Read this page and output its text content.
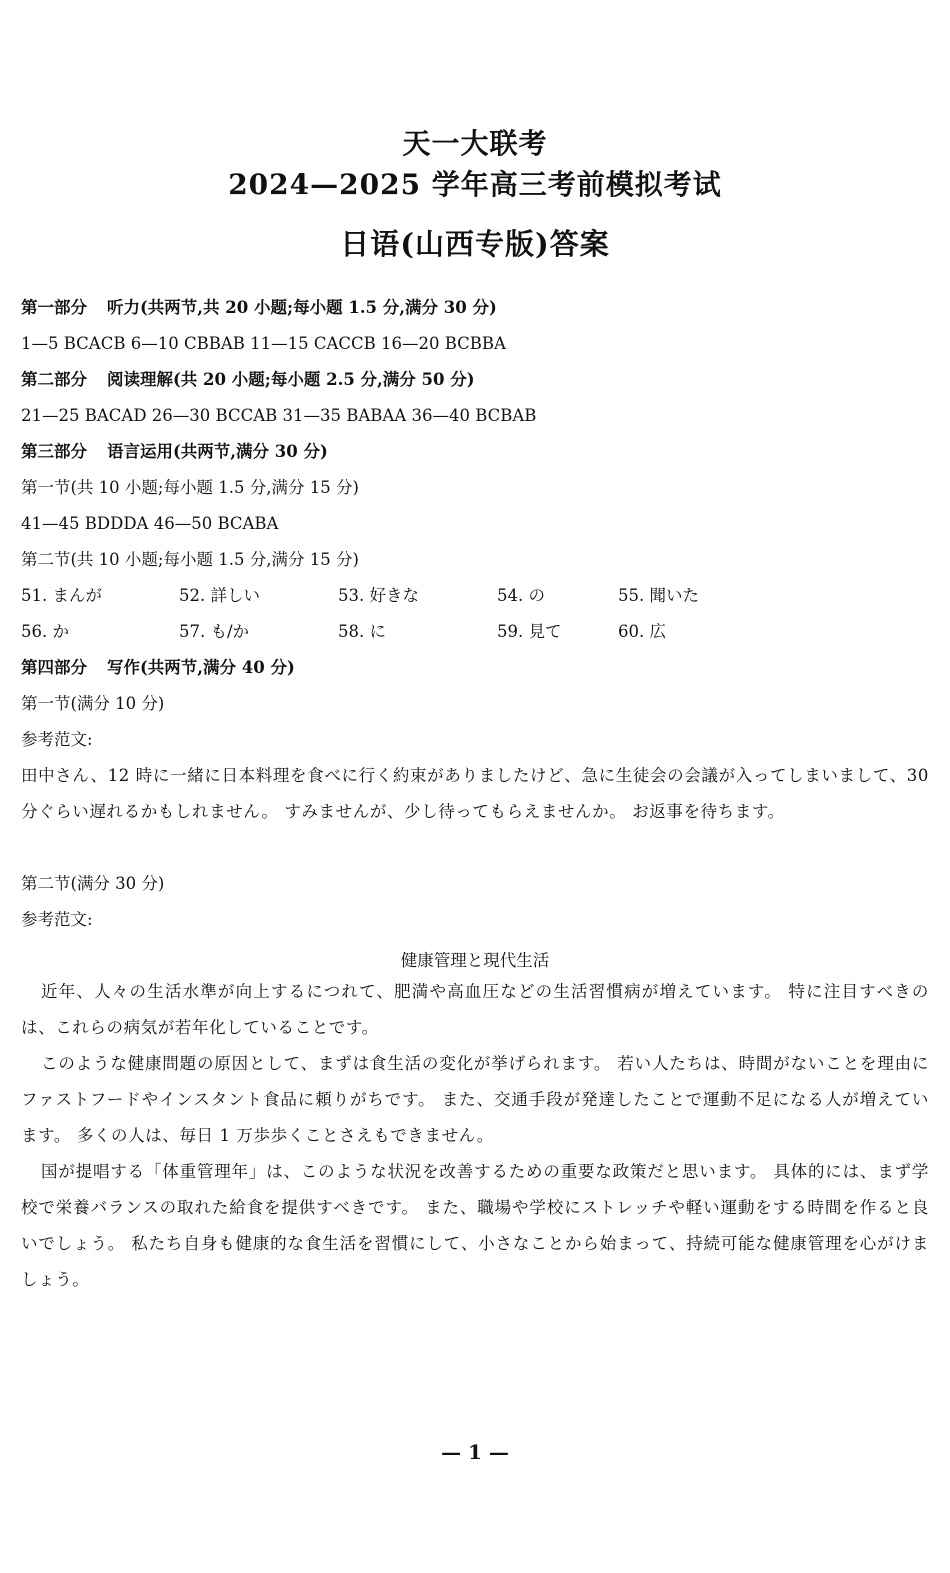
天一大联考
2024—2025 学年高三考前模拟考试
日语(山西专版)答案
第一部分 听力(共两节,共 20 小题;每小题 1.5 分,满分 30 分)
1—5 BCACB 6—10 CBBAB 11—15 CACCB 16—20 BCBBA
第二部分 阅读理解(共 20 小题;每小题 2.5 分,满分 50 分)
21—25 BACAD 26—30 BCCAB 31—35 BABAA 36—40 BCBAB
第三部分 语言运用(共两节,满分 30 分)
第一节(共 10 小题;每小题 1.5 分,满分 15 分)
41—45 BDDDA 46—50 BCABA
第二节(共 10 小题;每小题 1.5 分,满分 15 分)
51. まんが	52. 詳しい	53. 好きな	54. の	55. 聞いた
56. か	57. も/か	58. に	59. 見て	60. 広
第四部分 写作(共两节,满分 40 分)
第一节(满分 10 分)
参考范文:
田中さん、12 時に一緒に日本料理を食べに行く約束がありましたけど、急に生徒会の会議が入ってしまいまして、30 分ぐらい遅れるかもしれません。 すみませんが、少し待ってもらえませんか。 お返事を待ちます。
第二节(满分 30 分)
参考范文:
健康管理と現代生活
近年、人々の生活水準が向上するにつれて、肥満や高血圧などの生活習慣病が増えています。 特に注目すべきのは、これらの病気が若年化していることです。
このような健康問題の原因として、まずは食生活の変化が挙げられます。 若い人たちは、時間がないことを理由にファストフードやインスタント食品に頼りがちです。 また、交通手段が発達したことで運動不足になる人が増えています。 多くの人は、毎日 1 万歩歩くことさえもできません。
国が提唱する「体重管理年」は、このような状況を改善するための重要な政策だと思います。 具体的には、まず学校で栄養バランスの取れた給食を提供すべきです。 また、職場や学校にストレッチや軽い運動をする時間を作ると良いでしょう。 私たち自身も健康的な食生活を習慣にして、小さなことから始まって、持続可能な健康管理を心がけましょう。
— 1 —
